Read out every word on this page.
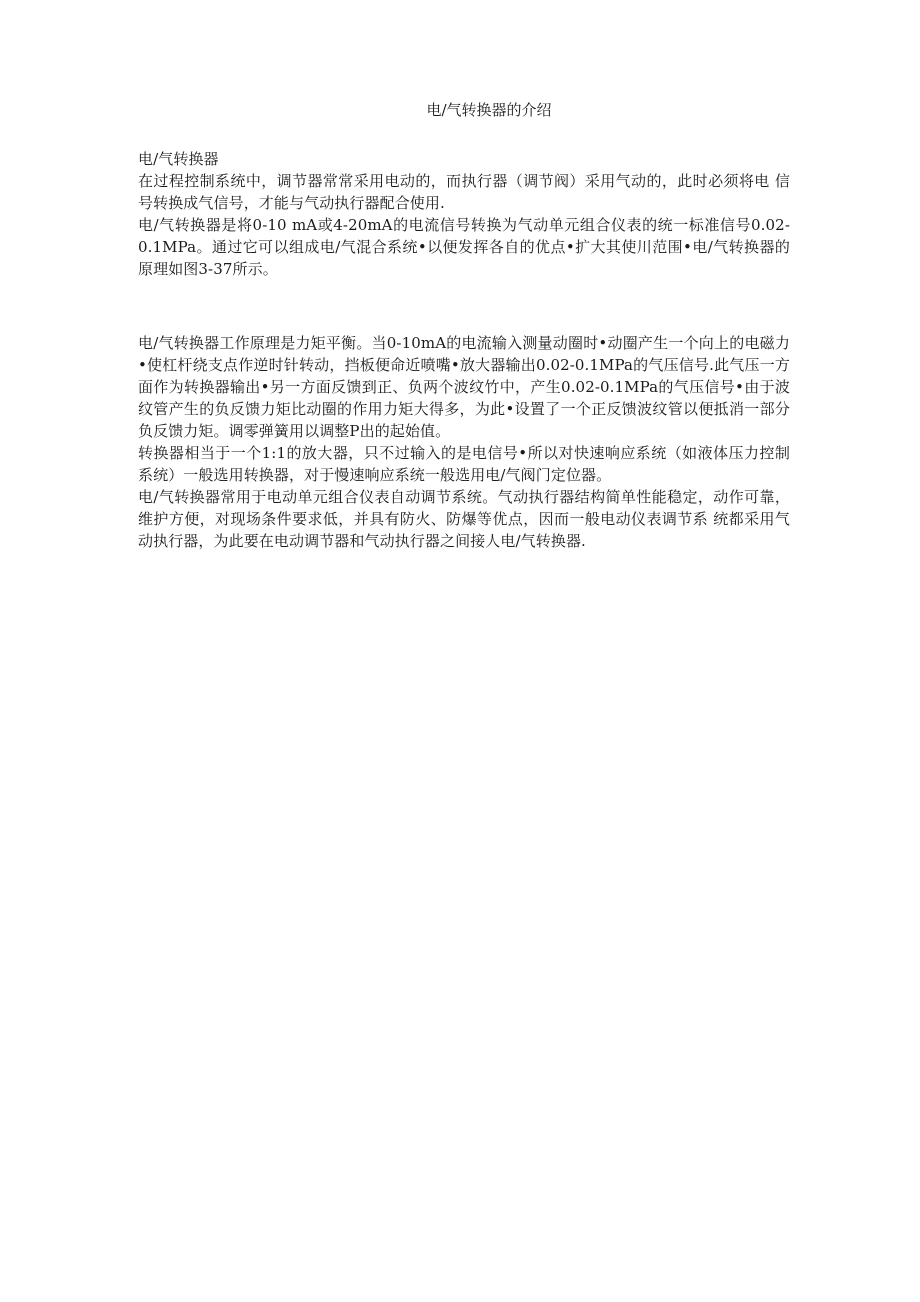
电/气转换器的介绍

电/气转换器

在过程控制系统中，调节器常常采用电动的，而执行器（调节阀）采用气动的，此时必须将电 信号转换成气信号，才能与气动执行器配合使用.

电/气转换器是将0-10 mA或4-20mA的电流信号转换为气动单元组合仪表的统一标准信号0.02-0.1MPa。通过它可以组成电/气混合系统•以便发挥各自的优点•扩大其使川范围•电/气转换器的原理如图3-37所示。

电/气转换器工作原理是力矩平衡。当0-10mA的电流输入测量动圈时•动圈产生一个向上的电磁力•使杠杆绕支点作逆时针转动，挡板便命近喷嘴•放大器输出0.02-0.1MPa的气压信号.此气压一方面作为转换器输出•另一方面反馈到正、负两个波纹竹中，产生0.02-0.1MPa的气压信号•由于波纹管产生的负反馈力矩比动圈的作用力矩大得多，为此•设置了一个正反馈波纹管以便抵消一部分负反馈力矩。调零弹簧用以调整P出的起始值。

转换器相当于一个1:1的放大器，只不过输入的是电信号•所以对快速响应系统（如液体压力控制系统）一般选用转换器，对于慢速响应系统一般选用电/气阀门定位器。

电/气转换器常用于电动单元组合仪表自动调节系统。气动执行器结构简单性能稳定，动作可靠，维护方便，对现场条件要求低，并具有防火、防爆等优点，因而一般电动仪表调节系 统都采用气动执行器，为此要在电动调节器和气动执行器之间接人电/气转换器.
